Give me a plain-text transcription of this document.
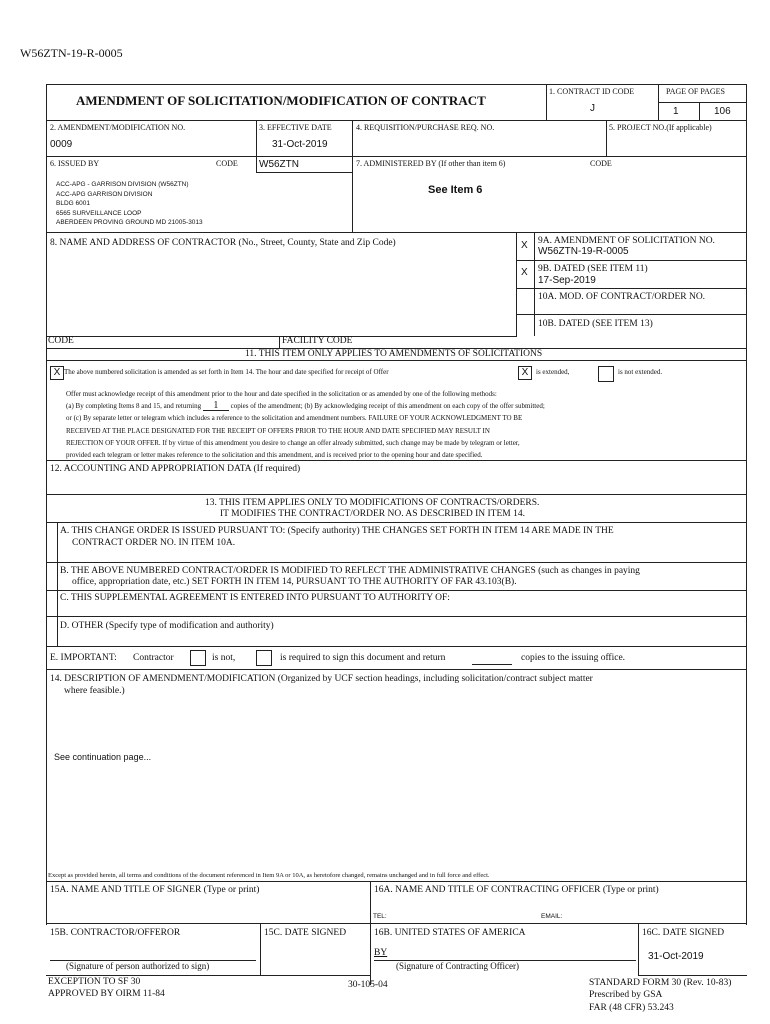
W56ZTN-19-R-0005
AMENDMENT OF SOLICITATION/MODIFICATION OF CONTRACT
1. CONTRACT ID CODE
J
PAGE OF PAGES
1	106
2. AMENDMENT/MODIFICATION NO.
0009
3. EFFECTIVE DATE
31-Oct-2019
4. REQUISITION/PURCHASE REQ. NO.	5. PROJECT NO.(If applicable)
6. ISSUED BY	CODE W56ZTN	7. ADMINISTERED BY (If other than item 6)	CODE
See Item 6
ACC-APG - GARRISON DIVISION (W56ZTN)
ACC-APG GARRISON DIVISION
BLDG 6001
6565 SURVEILLANCE LOOP
ABERDEEN PROVING GROUND MD 21005-3013
8. NAME AND ADDRESS OF CONTRACTOR (No., Street, County, State and Zip Code)	X 9A. AMENDMENT OF SOLICITATION NO.
W56ZTN-19-R-0005
X 9B. DATED (SEE ITEM 11)
17-Sep-2019
10A. MOD. OF CONTRACT/ORDER NO.
10B. DATED (SEE ITEM 13)
CODE	FACILITY CODE
11. THIS ITEM ONLY APPLIES TO AMENDMENTS OF SOLICITATIONS
X The above numbered solicitation is amended as set forth in Item 14. The hour and date specified for receipt of Offer	X	is extended,	is not extended.
Offer must acknowledge receipt of this amendment prior to the hour and date specified in the solicitation or as amended by one of the following methods:
(a) By completing Items 8 and 15, and returning 1 copies of the amendment; (b) By acknowledging receipt of this amendment on each copy of the offer submitted;
or (c) By separate letter or telegram which includes a reference to the solicitation and amendment numbers. FAILURE OF YOUR ACKNOWLEDGMENT TO BE
RECEIVED AT THE PLACE DESIGNATED FOR THE RECEIPT OF OFFERS PRIOR TO THE HOUR AND DATE SPECIFIED MAY RESULT IN
REJECTION OF YOUR OFFER. If by virtue of this amendment you desire to change an offer already submitted, such change may be made by telegram or letter,
provided each telegram or letter makes reference to the solicitation and this amendment, and is received prior to the opening hour and date specified.
12. ACCOUNTING AND APPROPRIATION DATA (If required)
13. THIS ITEM APPLIES ONLY TO MODIFICATIONS OF CONTRACTS/ORDERS.
IT MODIFIES THE CONTRACT/ORDER NO. AS DESCRIBED IN ITEM 14.
A. THIS CHANGE ORDER IS ISSUED PURSUANT TO: (Specify authority) THE CHANGES SET FORTH IN ITEM 14 ARE MADE IN THE
CONTRACT ORDER NO. IN ITEM 10A.
B. THE ABOVE NUMBERED CONTRACT/ORDER IS MODIFIED TO REFLECT THE ADMINISTRATIVE CHANGES (such as changes in paying
office, appropriation date, etc.) SET FORTH IN ITEM 14, PURSUANT TO THE AUTHORITY OF FAR 43.103(B).
C. THIS SUPPLEMENTAL AGREEMENT IS ENTERED INTO PURSUANT TO AUTHORITY OF:
D. OTHER (Specify type of modification and authority)
E. IMPORTANT: Contractor	is not,	is required to sign this document and return	copies to the issuing office.
14. DESCRIPTION OF AMENDMENT/MODIFICATION (Organized by UCF section headings, including solicitation/contract subject matter
where feasible.)
See continuation page...
Except as provided herein, all terms and conditions of the document referenced in Item 9A or 10A, as heretofore changed, remains unchanged and in full force and effect.
15A. NAME AND TITLE OF SIGNER (Type or print)	16A. NAME AND TITLE OF CONTRACTING OFFICER (Type or print)
TEL:	EMAIL:
15B. CONTRACTOR/OFFEROR
(Signature of person authorized to sign)
15C. DATE SIGNED	16B. UNITED STATES OF AMERICA
BY
(Signature of Contracting Officer)
16C. DATE SIGNED
31-Oct-2019
EXCEPTION TO SF 30
APPROVED BY OIRM 11-84
30-105-04	STANDARD FORM 30 (Rev. 10-83)
Prescribed by GSA
FAR (48 CFR) 53.243
